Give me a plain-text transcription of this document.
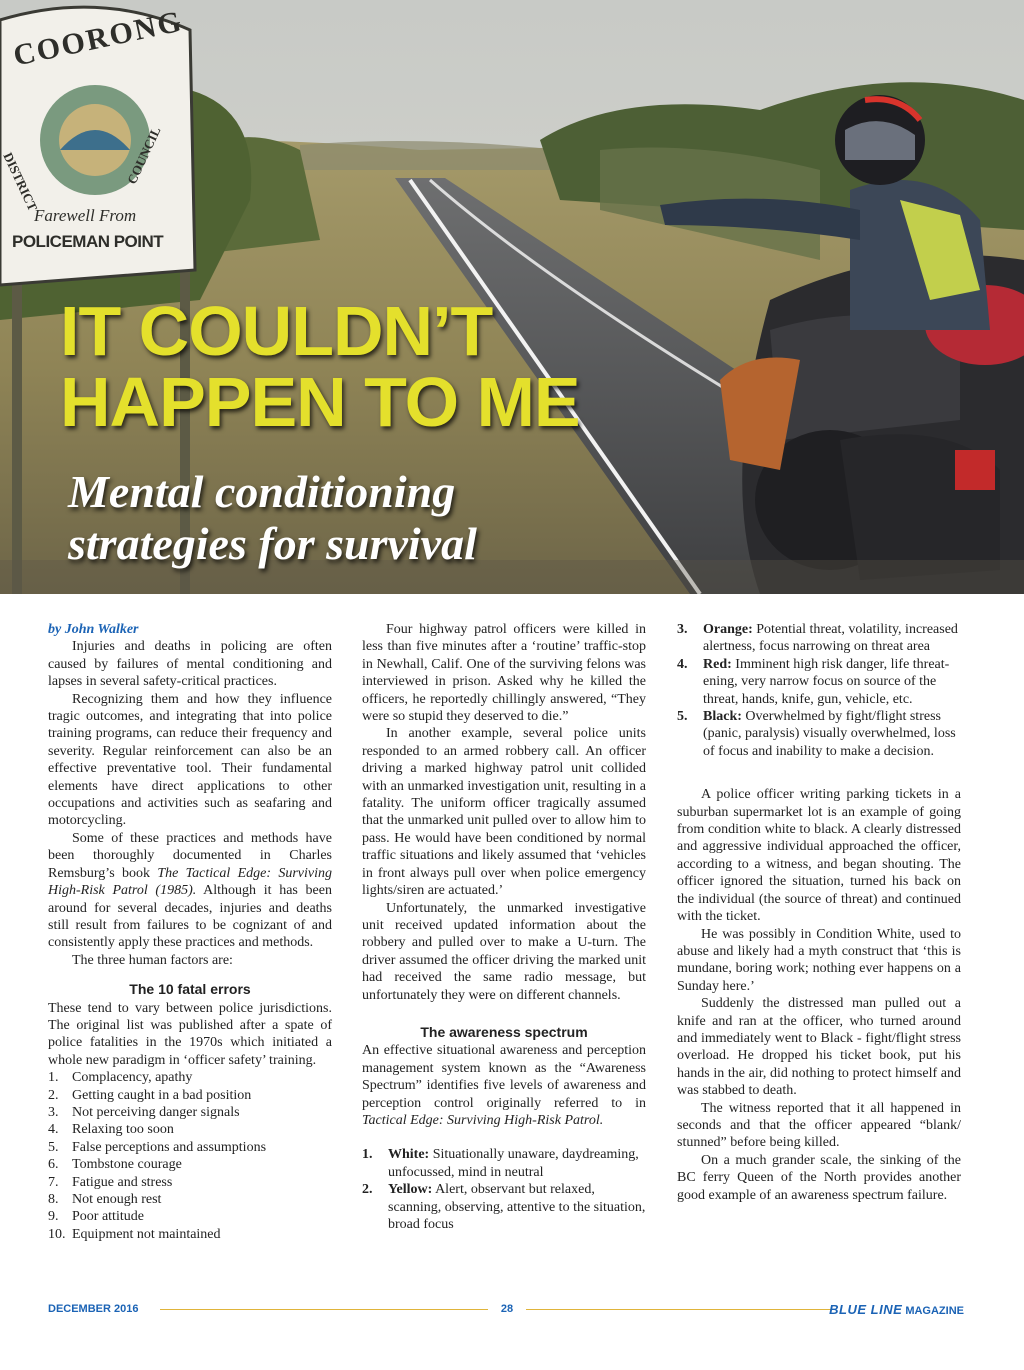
COORONG
DISTRICT	COUNCIL
Farewell From
POLICEMAN POINT
IT COULDN’T
HAPPEN TO ME
Mental conditioning
strategies for survival

by John Walker

Injuries and deaths in policing are often caused by failures of mental conditioning and lapses in several safety-critical practices.

Recognizing them and how they influence tragic outcomes, and integrating that into police training programs, can reduce their frequency and severity. Regular reinforcement can also be an effective preventative tool. Their fundamental elements have direct applications to other occupations and activities such as seafaring and motorcycling.

Some of these practices and methods have been thoroughly documented in Charles Remsburg’s book The Tactical Edge: Surviving High-Risk Patrol (1985). Although it has been around for several decades, injuries and deaths still result from failures to be cognizant of and consistently apply these practices and methods.

The three human factors are:

The 10 fatal errors

These tend to vary between police jurisdictions. The original list was published after a spate of police fatalities in the 1970s which initiated a whole new paradigm in ‘officer safety’ training.

1. Complacency, apathy
2. Getting caught in a bad position
3. Not perceiving danger signals
4. Relaxing too soon
5. False perceptions and assumptions
6. Tombstone courage
7. Fatigue and stress
8. Not enough rest
9. Poor attitude
10. Equipment not maintained

Four highway patrol officers were killed in less than five minutes after a ‘routine’ traffic-stop in Newhall, Calif. One of the surviving felons was interviewed in prison. Asked why he killed the officers, he reportedly chillingly answered, “They were so stupid they deserved to die.”

In another example, several police units responded to an armed robbery call. An officer driving a marked highway patrol unit collided with an unmarked investigation unit, resulting in a fatality. The uniform officer tragically assumed that the unmarked unit pulled over to allow him to pass. He would have been conditioned by normal traffic situations and likely assumed that ‘vehicles in front always pull over when police emergency lights/siren are actuated.’

Unfortunately, the unmarked investigative unit received updated information about the robbery and pulled over to make a U-turn. The driver assumed the officer driving the marked unit had received the same radio message, but unfortunately they were on different channels.

The awareness spectrum

An effective situational awareness and perception management system known as the “Awareness Spectrum” identifies five levels of awareness and perception control originally referred to in Tactical Edge: Surviving High-Risk Patrol.

1.	White: Situationally unaware, daydreaming, unfocussed, mind in neutral
2.	Yellow: Alert, observant but relaxed, scanning, observing, attentive to the situation, broad focus
3.	Orange: Potential threat, volatility, increased alertness, focus narrowing on threat area
4.	Red: Imminent high risk danger, life threatening, very narrow focus on source of the threat, hands, knife, gun, vehicle, etc.
5.	Black: Overwhelmed by fight/flight stress (panic, paralysis) visually overwhelmed, loss of focus and inability to make a decision.

A police officer writing parking tickets in a suburban supermarket lot is an example of going from condition white to black. A clearly distressed and aggressive individual approached the officer, according to a witness, and began shouting. The officer ignored the situation, turned his back on the individual (the source of threat) and continued with the ticket.

He was possibly in Condition White, used to abuse and likely had a myth construct that ‘this is mundane, boring work; nothing ever happens on a Sunday here.’

Suddenly the distressed man pulled out a knife and ran at the officer, who turned around and immediately went to Black - fight/flight stress overload. He dropped his ticket book, put his hands in the air, did nothing to protect himself and was stabbed to death.

The witness reported that it all happened in seconds and that the officer appeared “blank/ stunned” before being killed.

On a much grander scale, the sinking of the BC ferry Queen of the North provides another good example of an awareness spectrum failure.

DECEMBER 2016	28	BLUE LINE MAGAZINE
